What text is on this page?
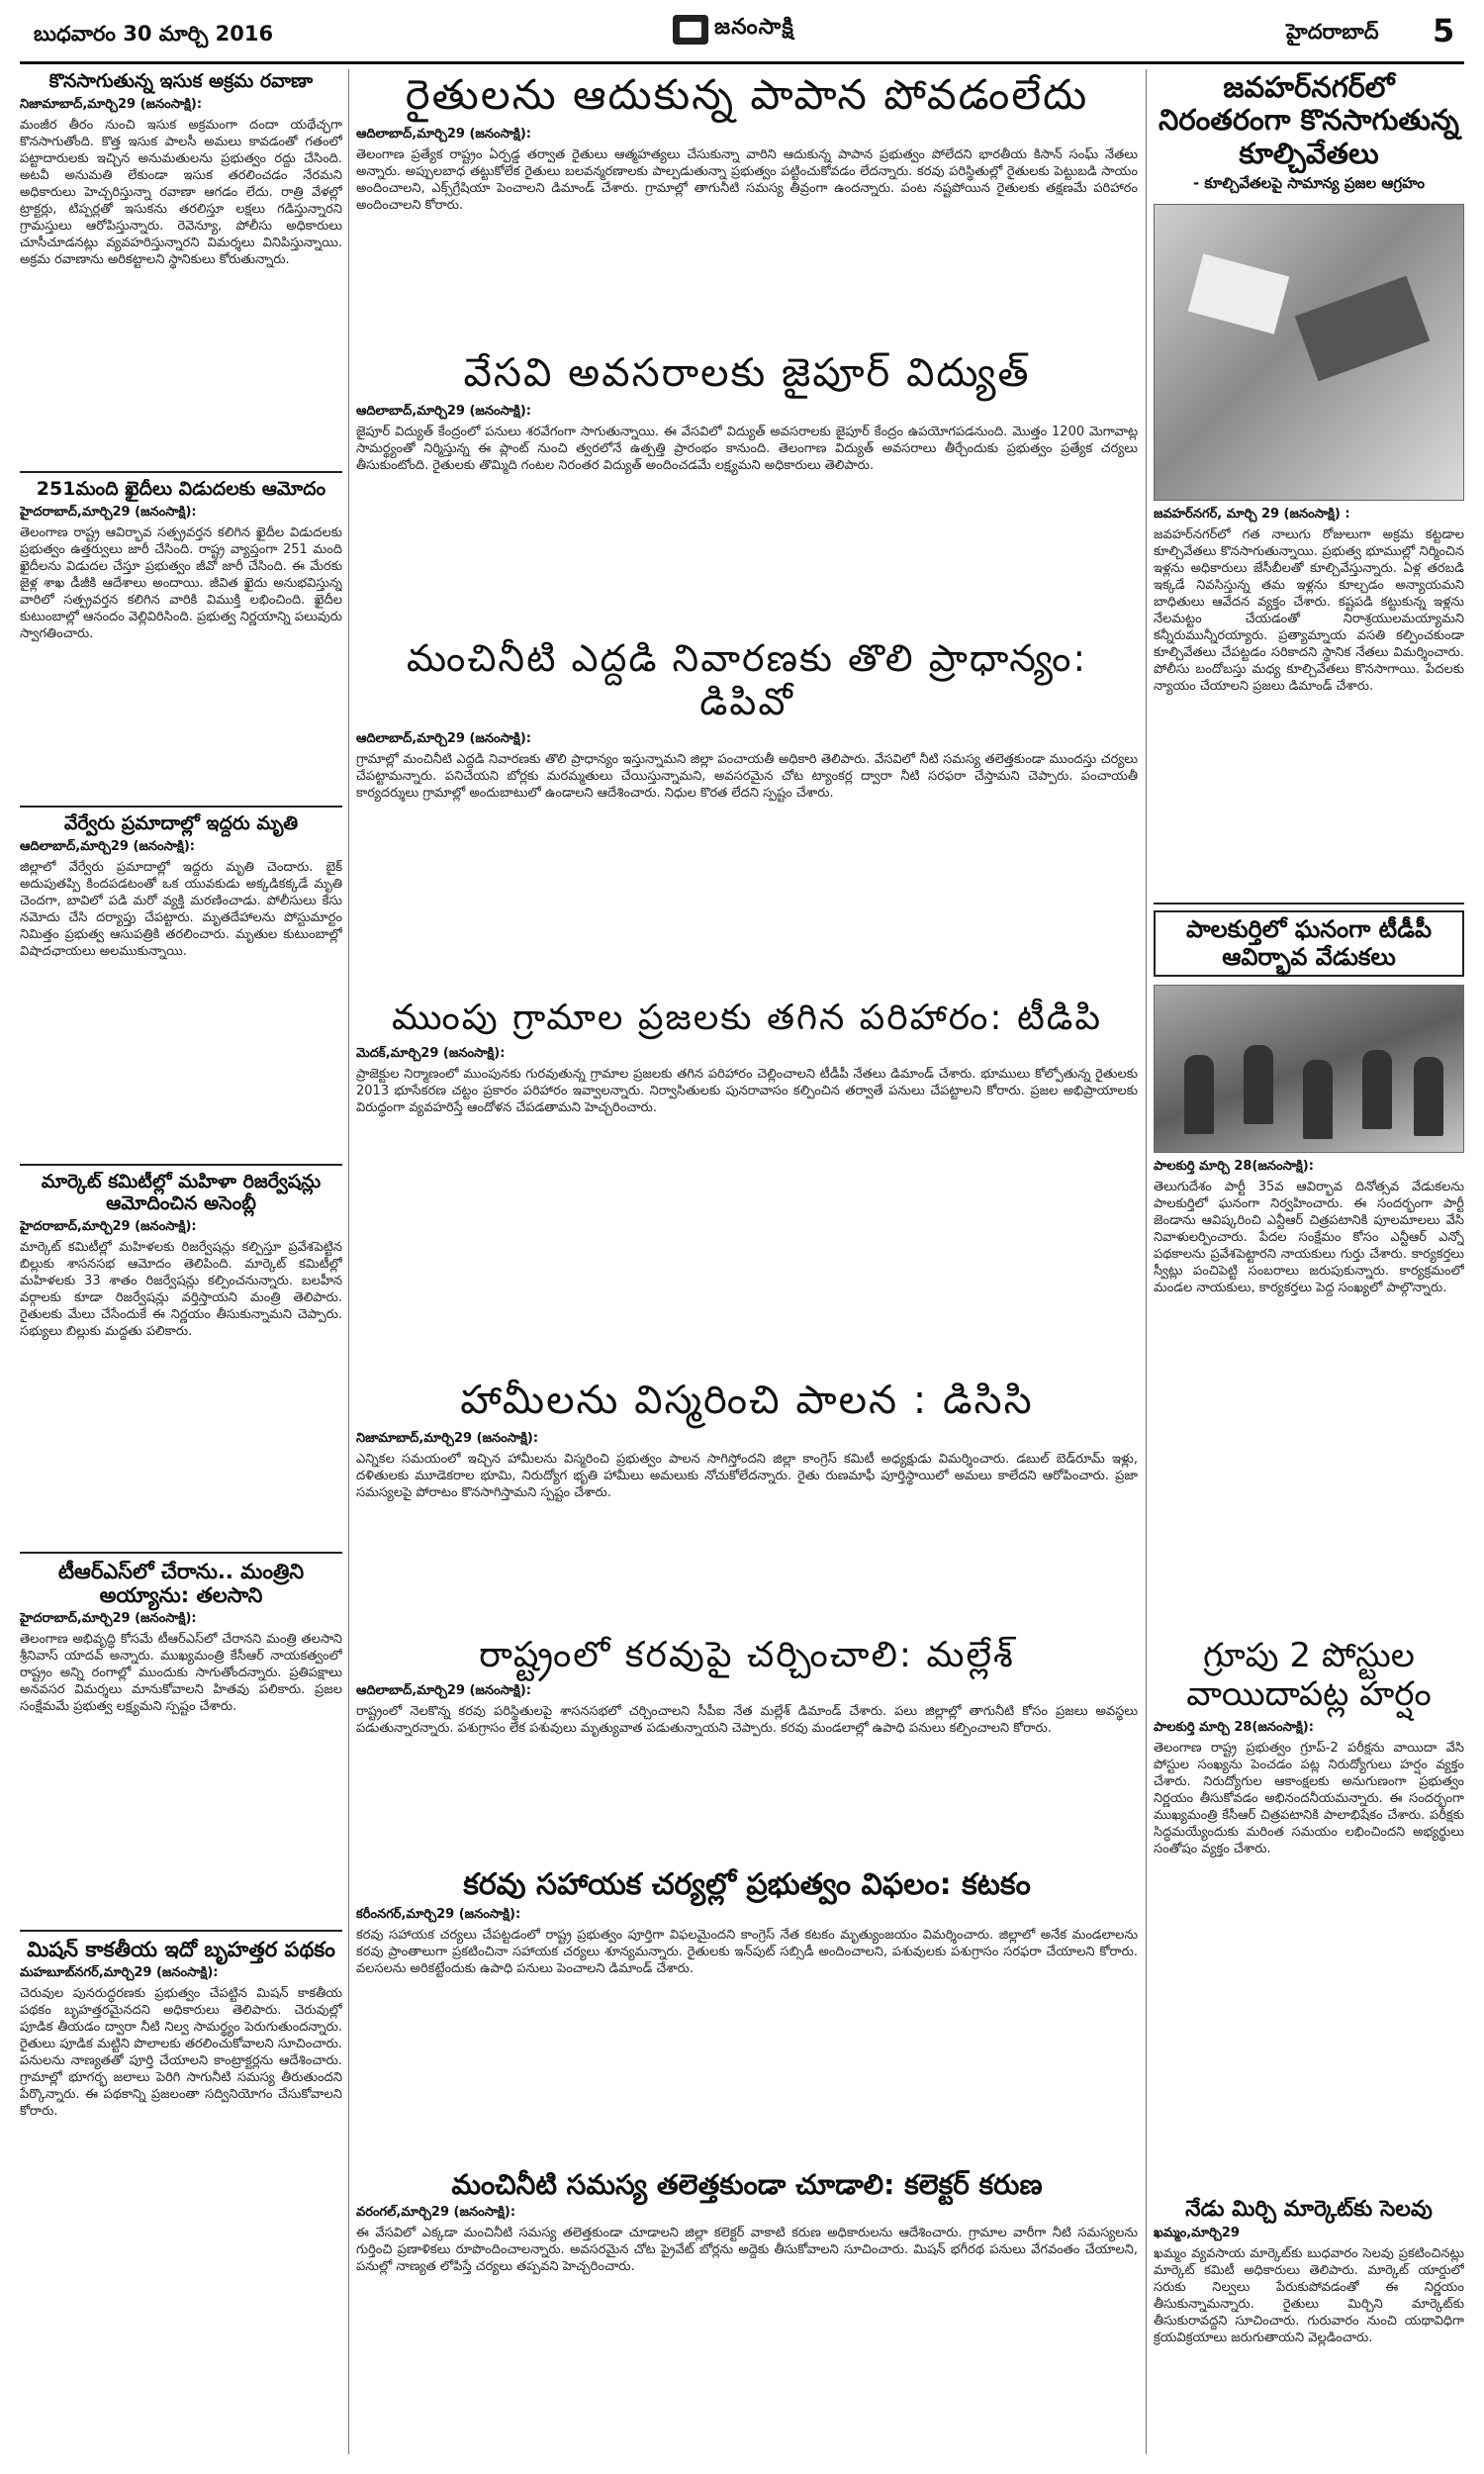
బుధవారం 30 మార్చి 2016	జనంసాక్షి	హైదరాబాద్ 5
కొనసాగుతున్న ఇసుక అక్రమ రవాణా
నిజామాబాద్,మార్చి29 (జనంసాక్షి):
మంజీర తీరం నుంచి ఇసుక అక్రమంగా దందా యథేచ్ఛగా కొనసాగుతోంది. కొత్త ఇసుక పాలసీ అమలు కావడంతో గతంలో పట్టాదారులకు ఇచ్చిన అనుమతులను ప్రభుత్వం రద్దు చేసింది. అటవీ అనుమతి లేకుండా ఇసుక తరలించడం నేరమని అధికారులు హెచ్చరిస్తున్నా రవాణా ఆగడం లేదు. రాత్రి వేళల్లో ట్రాక్టర్లు, టిప్పర్లతో ఇసుకను తరలిస్తూ లక్షలు గడిస్తున్నారని గ్రామస్తులు ఆరోపిస్తున్నారు. రెవెన్యూ, పోలీసు అధికారులు చూసీచూడనట్లు వ్యవహరిస్తున్నారని విమర్శలు వినిపిస్తున్నాయి. అక్రమ రవాణాను అరికట్టాలని స్థానికులు కోరుతున్నారు.
251మంది ఖైదీలు విడుదలకు ఆమోదం
హైదరాబాద్,మార్చి29 (జనంసాక్షి):
తెలంగాణ రాష్ట్ర ఆవిర్భావ సత్ప్రవర్తన కలిగిన ఖైదీల విడుదలకు ప్రభుత్వం ఉత్తర్వులు జారీ చేసింది. రాష్ట్ర వ్యాప్తంగా 251 మంది ఖైదీలను విడుదల చేస్తూ ప్రభుత్వం జీవో జారీ చేసింది. ఈ మేరకు జైళ్ల శాఖ డీజీకి ఆదేశాలు అందాయి. జీవిత ఖైదు అనుభవిస్తున్న వారిలో సత్ప్రవర్తన కలిగిన వారికి విముక్తి లభించింది. ఖైదీల కుటుంబాల్లో ఆనందం వెల్లివిరిసింది. ప్రభుత్వ నిర్ణయాన్ని పలువురు స్వాగతించారు.
వేర్వేరు ప్రమాదాల్లో ఇద్దరు మృతి
ఆదిలాబాద్,మార్చి29 (జనంసాక్షి):
జిల్లాలో వేర్వేరు ప్రమాదాల్లో ఇద్దరు మృతి చెందారు. బైక్ అదుపుతప్పి కిందపడటంతో ఒక యువకుడు అక్కడికక్కడే మృతి చెందగా, బావిలో పడి మరో వ్యక్తి మరణించాడు. పోలీసులు కేసు నమోదు చేసి దర్యాప్తు చేపట్టారు. మృతదేహాలను పోస్టుమార్టం నిమిత్తం ప్రభుత్వ ఆసుపత్రికి తరలించారు. మృతుల కుటుంబాల్లో విషాదఛాయలు అలముకున్నాయి.
మార్కెట్ కమిటీల్లో మహిళా రిజర్వేషన్లు ఆమోదించిన అసెంబ్లీ
హైదరాబాద్,మార్చి29 (జనంసాక్షి):
మార్కెట్ కమిటీల్లో మహిళలకు రిజర్వేషన్లు కల్పిస్తూ ప్రవేశపెట్టిన బిల్లుకు శాసనసభ ఆమోదం తెలిపింది. మార్కెట్ కమిటీల్లో మహిళలకు 33 శాతం రిజర్వేషన్లు కల్పించనున్నారు. బలహీన వర్గాలకు కూడా రిజర్వేషన్లు వర్తిస్తాయని మంత్రి తెలిపారు. రైతులకు మేలు చేసేందుకే ఈ నిర్ణయం తీసుకున్నామని చెప్పారు. సభ్యులు బిల్లుకు మద్దతు పలికారు.
టీఆర్ఎస్‌లో చేరాను.. మంత్రిని అయ్యాను: తలసాని
హైదరాబాద్,మార్చి29 (జనంసాక్షి):
తెలంగాణ అభివృద్ధి కోసమే టీఆర్ఎస్‌లో చేరానని మంత్రి తలసాని శ్రీనివాస్ యాదవ్ అన్నారు. ముఖ్యమంత్రి కేసీఆర్ నాయకత్వంలో రాష్ట్రం అన్ని రంగాల్లో ముందుకు సాగుతోందన్నారు. ప్రతిపక్షాలు అనవసర విమర్శలు మానుకోవాలని హితవు పలికారు. ప్రజల సంక్షేమమే ప్రభుత్వ లక్ష్యమని స్పష్టం చేశారు.
మిషన్ కాకతీయ ఇదో బృహత్తర పథకం
మహబూబ్‌నగర్,మార్చి29 (జనంసాక్షి):
చెరువుల పునరుద్ధరణకు ప్రభుత్వం చేపట్టిన మిషన్ కాకతీయ పథకం బృహత్తరమైనదని అధికారులు తెలిపారు. చెరువుల్లో పూడిక తీయడం ద్వారా నీటి నిల్వ సామర్థ్యం పెరుగుతుందన్నారు. రైతులు పూడిక మట్టిని పొలాలకు తరలించుకోవాలని సూచించారు. పనులను నాణ్యతతో పూర్తి చేయాలని కాంట్రాక్టర్లను ఆదేశించారు. గ్రామాల్లో భూగర్భ జలాలు పెరిగి సాగునీటి సమస్య తీరుతుందని పేర్కొన్నారు. ఈ పథకాన్ని ప్రజలంతా సద్వినియోగం చేసుకోవాలని కోరారు.
రైతులను ఆదుకున్న పాపాన పోవడంలేదు
ఆదిలాబాద్,మార్చి29 (జనంసాక్షి):
తెలంగాణ ప్రత్యేక రాష్ట్రం ఏర్పడ్డ తర్వాత రైతులు ఆత్మహత్యలు చేసుకున్నా వారిని ఆదుకున్న పాపాన ప్రభుత్వం పోలేదని భారతీయ కిసాన్ సంఘ్ నేతలు అన్నారు. అప్పులబాధ తట్టుకోలేక రైతులు బలవన్మరణాలకు పాల్పడుతున్నా ప్రభుత్వం పట్టించుకోవడం లేదన్నారు. కరవు పరిస్థితుల్లో రైతులకు పెట్టుబడి సాయం అందించాలని, ఎక్స్‌గ్రేషియా పెంచాలని డిమాండ్ చేశారు. గ్రామాల్లో తాగునీటి సమస్య తీవ్రంగా ఉందన్నారు. పంట నష్టపోయిన రైతులకు తక్షణమే పరిహారం అందించాలని కోరారు.
వేసవి అవసరాలకు జైపూర్ విద్యుత్
ఆదిలాబాద్,మార్చి29 (జనంసాక్షి):
జైపూర్ విద్యుత్ కేంద్రంలో పనులు శరవేగంగా సాగుతున్నాయి. ఈ వేసవిలో విద్యుత్ అవసరాలకు జైపూర్ కేంద్రం ఉపయోగపడనుంది. మొత్తం 1200 మెగావాట్ల సామర్థ్యంతో నిర్మిస్తున్న ఈ ప్లాంట్ నుంచి త్వరలోనే ఉత్పత్తి ప్రారంభం కానుంది. తెలంగాణ విద్యుత్ అవసరాలు తీర్చేందుకు ప్రభుత్వం ప్రత్యేక చర్యలు తీసుకుంటోంది. రైతులకు తొమ్మిది గంటల నిరంతర విద్యుత్ అందించడమే లక్ష్యమని అధికారులు తెలిపారు.
మంచినీటి ఎద్దడి నివారణకు తొలి ప్రాధాన్యం: డిపివో
ఆదిలాబాద్,మార్చి29 (జనంసాక్షి):
గ్రామాల్లో మంచినీటి ఎద్దడి నివారణకు తొలి ప్రాధాన్యం ఇస్తున్నామని జిల్లా పంచాయతీ అధికారి తెలిపారు. వేసవిలో నీటి సమస్య తలెత్తకుండా ముందస్తు చర్యలు చేపట్టామన్నారు. పనిచేయని బోర్లకు మరమ్మతులు చేయిస్తున్నామని, అవసరమైన చోట ట్యాంకర్ల ద్వారా నీటి సరఫరా చేస్తామని చెప్పారు. పంచాయతీ కార్యదర్శులు గ్రామాల్లో అందుబాటులో ఉండాలని ఆదేశించారు. నిధుల కొరత లేదని స్పష్టం చేశారు.
ముంపు గ్రామాల ప్రజలకు తగిన పరిహారం: టీడిపి
మెదక్,మార్చి29 (జనంసాక్షి):
ప్రాజెక్టుల నిర్మాణంలో ముంపునకు గురవుతున్న గ్రామాల ప్రజలకు తగిన పరిహారం చెల్లించాలని టీడీపీ నేతలు డిమాండ్ చేశారు. భూములు కోల్పోతున్న రైతులకు 2013 భూసేకరణ చట్టం ప్రకారం పరిహారం ఇవ్వాలన్నారు. నిర్వాసితులకు పునరావాసం కల్పించిన తర్వాతే పనులు చేపట్టాలని కోరారు. ప్రజల అభిప్రాయాలకు విరుద్ధంగా వ్యవహరిస్తే ఆందోళన చేపడతామని హెచ్చరించారు.
హామీలను విస్మరించి పాలన : డిసిసి
నిజామాబాద్,మార్చి29 (జనంసాక్షి):
ఎన్నికల సమయంలో ఇచ్చిన హామీలను విస్మరించి ప్రభుత్వం పాలన సాగిస్తోందని జిల్లా కాంగ్రెస్ కమిటీ అధ్యక్షుడు విమర్శించారు. డబుల్ బెడ్‌రూమ్ ఇళ్లు, దళితులకు మూడెకరాల భూమి, నిరుద్యోగ భృతి హామీలు అమలుకు నోచుకోలేదన్నారు. రైతు రుణమాఫీ పూర్తిస్థాయిలో అమలు కాలేదని ఆరోపించారు. ప్రజా సమస్యలపై పోరాటం కొనసాగిస్తామని స్పష్టం చేశారు.
రాష్ట్రంలో కరవుపై చర్చించాలి: మల్లేశ్
ఆదిలాబాద్,మార్చి29 (జనంసాక్షి):
రాష్ట్రంలో నెలకొన్న కరవు పరిస్థితులపై శాసనసభలో చర్చించాలని సీపీఐ నేత మల్లేశ్ డిమాండ్ చేశారు. పలు జిల్లాల్లో తాగునీటి కోసం ప్రజలు అవస్థలు పడుతున్నారన్నారు. పశుగ్రాసం లేక పశువులు మృత్యువాత పడుతున్నాయని చెప్పారు. కరవు మండలాల్లో ఉపాధి పనులు కల్పించాలని కోరారు.
కరవు సహాయక చర్యల్లో ప్రభుత్వం విఫలం: కటకం
కరీంనగర్,మార్చి29 (జనంసాక్షి):
కరవు సహాయక చర్యలు చేపట్టడంలో రాష్ట్ర ప్రభుత్వం పూర్తిగా విఫలమైందని కాంగ్రెస్ నేత కటకం మృత్యుంజయం విమర్శించారు. జిల్లాలో అనేక మండలాలను కరవు ప్రాంతాలుగా ప్రకటించినా సహాయక చర్యలు శూన్యమన్నారు. రైతులకు ఇన్‌పుట్ సబ్సిడీ అందించాలని, పశువులకు పశుగ్రాసం సరఫరా చేయాలని కోరారు. వలసలను అరికట్టేందుకు ఉపాధి పనులు పెంచాలని డిమాండ్ చేశారు.
మంచినీటి సమస్య తలెత్తకుండా చూడాలి: కలెక్టర్ కరుణ
వరంగల్,మార్చి29 (జనంసాక్షి):
ఈ వేసవిలో ఎక్కడా మంచినీటి సమస్య తలెత్తకుండా చూడాలని జిల్లా కలెక్టర్ వాకాటి కరుణ అధికారులను ఆదేశించారు. గ్రామాల వారీగా నీటి సమస్యలను గుర్తించి ప్రణాళికలు రూపొందించాలన్నారు. అవసరమైన చోట ప్రైవేట్ బోర్లను అద్దెకు తీసుకోవాలని సూచించారు. మిషన్ భగీరథ పనులు వేగవంతం చేయాలని, పనుల్లో నాణ్యత లోపిస్తే చర్యలు తప్పవని హెచ్చరించారు.
జవహర్‌నగర్‌లో నిరంతరంగా కొనసాగుతున్న కూల్చివేతలు
- కూల్చివేతలపై సామాన్య ప్రజల ఆగ్రహం
జవహర్‌నగర్, మార్చి 29 (జనంసాక్షి) :
జవహర్‌నగర్‌లో గత నాలుగు రోజులుగా అక్రమ కట్టడాల కూల్చివేతలు కొనసాగుతున్నాయి. ప్రభుత్వ భూముల్లో నిర్మించిన ఇళ్లను అధికారులు జేసీబీలతో కూల్చివేస్తున్నారు. ఏళ్ల తరబడి ఇక్కడే నివసిస్తున్న తమ ఇళ్లను కూల్చడం అన్యాయమని బాధితులు ఆవేదన వ్యక్తం చేశారు. కష్టపడి కట్టుకున్న ఇళ్లను నేలమట్టం చేయడంతో నిరాశ్రయులమయ్యామని కన్నీరుమున్నీరయ్యారు. ప్రత్యామ్నాయ వసతి కల్పించకుండా కూల్చివేతలు చేపట్టడం సరికాదని స్థానిక నేతలు విమర్శించారు. పోలీసు బందోబస్తు మధ్య కూల్చివేతలు కొనసాగాయి. పేదలకు న్యాయం చేయాలని ప్రజలు డిమాండ్ చేశారు.
పాలకుర్తిలో ఘనంగా టీడీపీ ఆవిర్భావ వేడుకలు
పాలకుర్తి మార్చి 28(జనంసాక్షి):
తెలుగుదేశం పార్టీ 35వ ఆవిర్భావ దినోత్సవ వేడుకలను పాలకుర్తిలో ఘనంగా నిర్వహించారు. ఈ సందర్భంగా పార్టీ జెండాను ఆవిష్కరించి ఎన్టీఆర్ చిత్రపటానికి పూలమాలలు వేసి నివాళులర్పించారు. పేదల సంక్షేమం కోసం ఎన్టీఆర్ ఎన్నో పథకాలను ప్రవేశపెట్టారని నాయకులు గుర్తు చేశారు. కార్యకర్తలు స్వీట్లు పంచిపెట్టి సంబరాలు జరుపుకున్నారు. కార్యక్రమంలో మండల నాయకులు, కార్యకర్తలు పెద్ద సంఖ్యలో పాల్గొన్నారు.
గ్రూపు 2 పోస్టుల వాయిదాపట్ల హర్షం
పాలకుర్తి మార్చి 28(జనంసాక్షి):
తెలంగాణ రాష్ట్ర ప్రభుత్వం గ్రూప్-2 పరీక్షను వాయిదా వేసి పోస్టుల సంఖ్యను పెంచడం పట్ల నిరుద్యోగులు హర్షం వ్యక్తం చేశారు. నిరుద్యోగుల ఆకాంక్షలకు అనుగుణంగా ప్రభుత్వం నిర్ణయం తీసుకోవడం అభినందనీయమన్నారు. ఈ సందర్భంగా ముఖ్యమంత్రి కేసీఆర్ చిత్రపటానికి పాలాభిషేకం చేశారు. పరీక్షకు సిద్ధమయ్యేందుకు మరింత సమయం లభించిందని అభ్యర్థులు సంతోషం వ్యక్తం చేశారు.
నేడు మిర్చి మార్కెట్‌కు సెలవు
ఖమ్మం,మార్చి29
ఖమ్మం వ్యవసాయ మార్కెట్‌కు బుధవారం సెలవు ప్రకటించినట్లు మార్కెట్ కమిటీ అధికారులు తెలిపారు. మార్కెట్ యార్డులో సరుకు నిల్వలు పేరుకుపోవడంతో ఈ నిర్ణయం తీసుకున్నామన్నారు. రైతులు మిర్చిని మార్కెట్‌కు తీసుకురావద్దని సూచించారు. గురువారం నుంచి యథావిధిగా క్రయవిక్రయాలు జరుగుతాయని వెల్లడించారు.
